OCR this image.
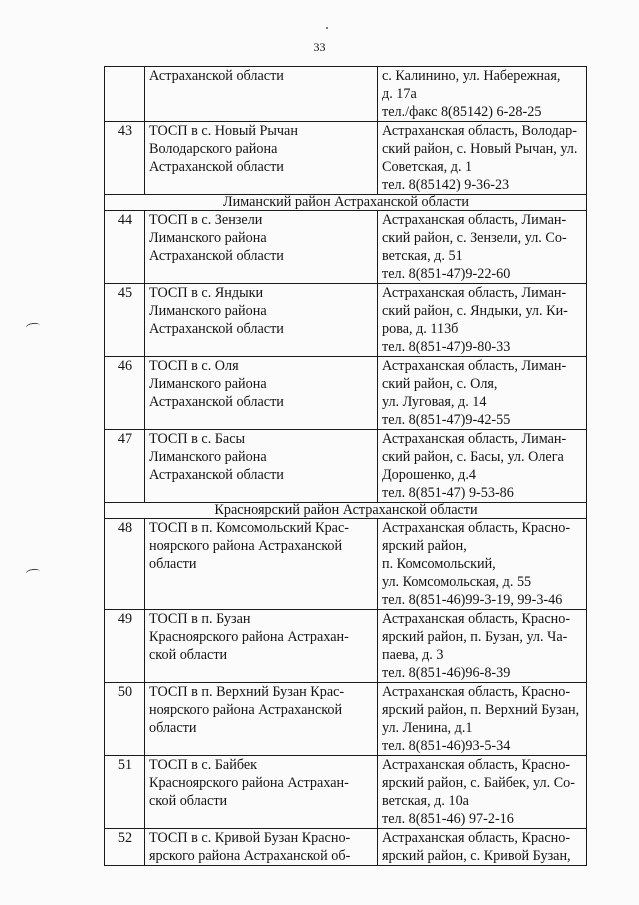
33

	Астраханской области	с. Калинино, ул. Набережная,
д. 17а
тел./факс 8(85142) 6-28-25

43	ТОСП в с. Новый Рычан
Володарского района
Астраханской области	Астраханская область, Володар-
ский район, с. Новый Рычан, ул.
Советская, д. 1
тел. 8(85142) 9-36-23

Лиманский район Астраханской области		
44	ТОСП в с. Зензели
Лиманского района
Астраханской области	Астраханская область, Лиман-
ский район, с. Зензели, ул. Со-
ветская, д. 51
тел. 8(851-47)9-22-60

45	ТОСП в с. Яндыки
Лиманского района
Астраханской области	Астраханская область, Лиман-
ский район, с. Яндыки, ул. Ки-
рова, д. 113б
тел. 8(851-47)9-80-33

46	ТОСП в с. Оля
Лиманского района
Астраханской области	Астраханская область, Лиман-
ский район, с. Оля,
ул. Луговая, д. 14
тел. 8(851-47)9-42-55

47	ТОСП в с. Басы
Лиманского района
Астраханской области	Астраханская область, Лиман-
ский район, с. Басы, ул. Олега
Дорошенко, д.4
тел. 8(851-47) 9-53-86

Красноярский район Астраханской области		
48	ТОСП в п. Комсомольский Крас-
ноярского района Астраханской
области	Астраханская область, Красно-
ярский район,
п. Комсомольский,
ул. Комсомольская, д. 55
тел. 8(851-46)99-3-19, 99-3-46

49	ТОСП в п. Бузан
Красноярского района Астрахан-
ской области	Астраханская область, Красно-
ярский район, п. Бузан, ул. Ча-
паева, д. 3
тел. 8(851-46)96-8-39

50	ТОСП в п. Верхний Бузан Крас-
ноярского района Астраханской
области	Астраханская область, Красно-
ярский район, п. Верхний Бузан,
ул. Ленина, д.1
тел. 8(851-46)93-5-34

51	ТОСП в с. Байбек
Красноярского района Астрахан-
ской области	Астраханская область, Красно-
ярский район, с. Байбек, ул. Со-
ветская, д. 10а
тел. 8(851-46) 97-2-16

52	ТОСП в с. Кривой Бузан Красно-
ярского района Астраханской об-	Астраханская область, Красно-
ярский район, с. Кривой Бузан,
